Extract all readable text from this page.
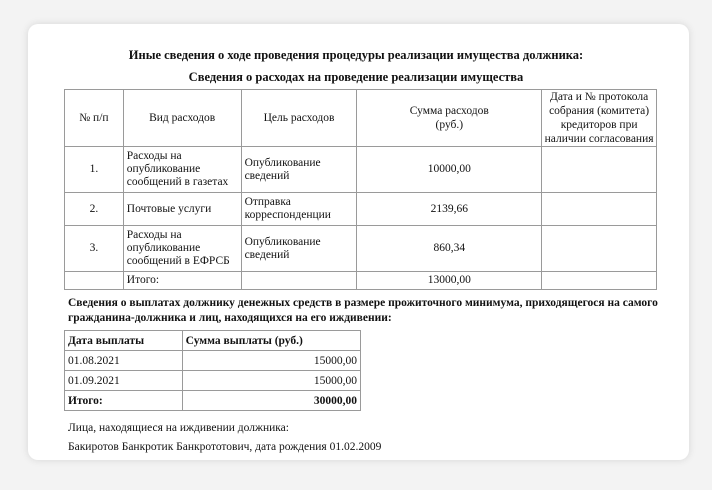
Иные сведения о ходе проведения процедуры реализации имущества должника:
Сведения о расходах на проведение реализации имущества
№ п/п	Вид расходов	Цель расходов	Сумма расходов (руб.)	Дата и № протокола собрания (комитета) кредиторов при наличии согласования
1.	Расходы на опубликование сообщений в газетах	Опубликование сведений	10000,00	
2.	Почтовые услуги	Отправка корреспонденции	2139,66	
3.	Расходы на опубликование сообщений в ЕФРСБ	Опубликование сведений	860,34	
	Итого:		13000,00	
Сведения о выплатах должнику денежных средств в размере прожиточного минимума, приходящегося на самого гражданина-должника и лиц, находящихся на его иждивении:
Дата выплаты	Сумма выплаты (руб.)
01.08.2021	15000,00
01.09.2021	15000,00
Итого:	30000,00
Лица, находящиеся на иждивении должника:
Бакиротов Банкротик Банкрототович, дата рождения 01.02.2009
